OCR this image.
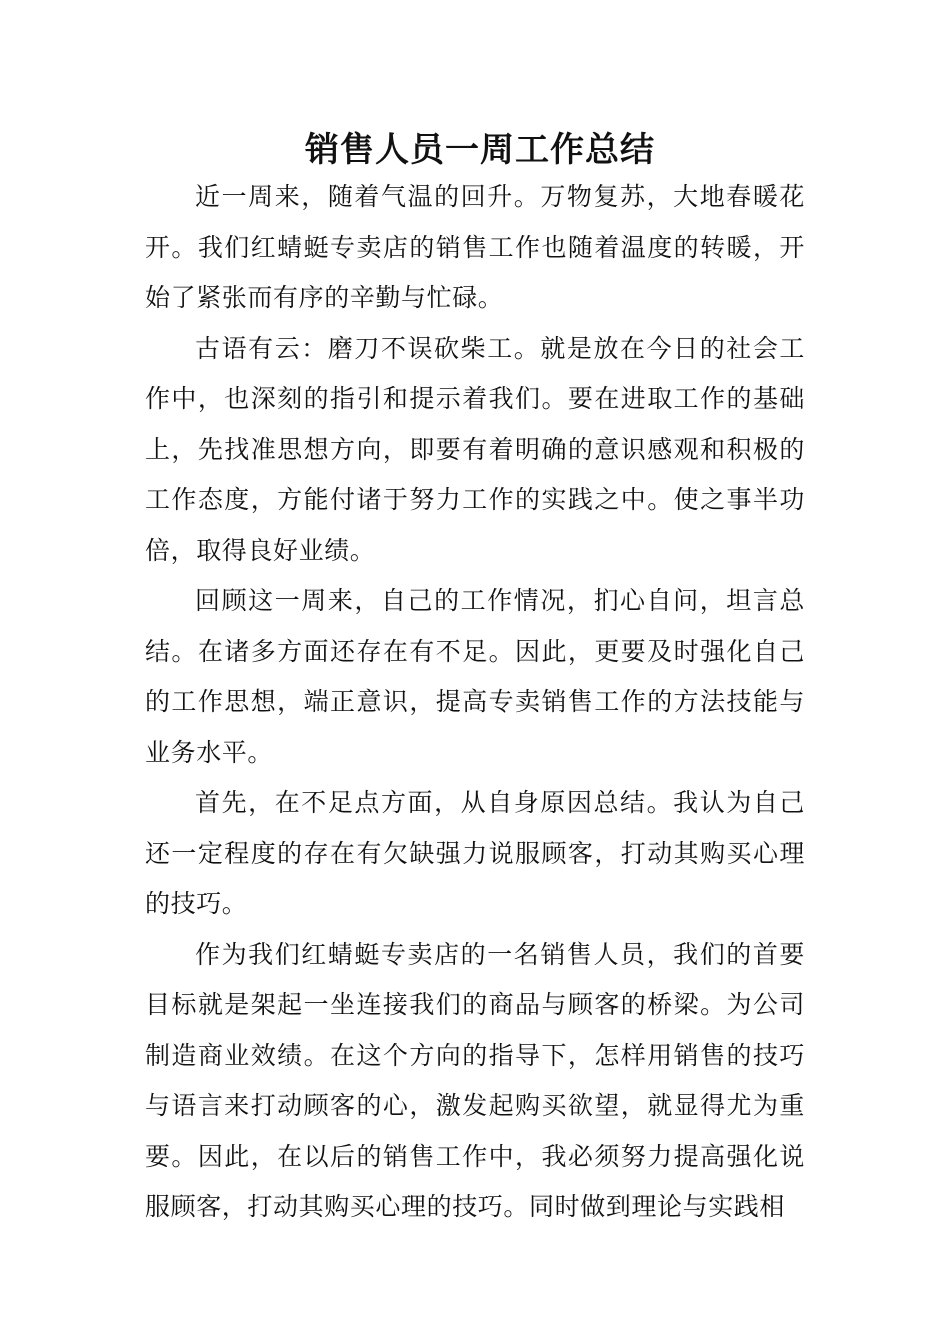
销售人员一周工作总结

近一周来，随着气温的回升。万物复苏，大地春暖花开。我们红蜻蜓专卖店的销售工作也随着温度的转暖，开始了紧张而有序的辛勤与忙碌。

古语有云：磨刀不误砍柴工。就是放在今日的社会工作中，也深刻的指引和提示着我们。要在进取工作的基础上，先找准思想方向，即要有着明确的意识感观和积极的工作态度，方能付诸于努力工作的实践之中。使之事半功倍，取得良好业绩。

回顾这一周来，自己的工作情况，扪心自问，坦言总结。在诸多方面还存在有不足。因此，更要及时强化自己的工作思想，端正意识，提高专卖销售工作的方法技能与业务水平。

首先，在不足点方面，从自身原因总结。我认为自己还一定程度的存在有欠缺强力说服顾客，打动其购买心理的技巧。

作为我们红蜻蜓专卖店的一名销售人员，我们的首要目标就是架起一坐连接我们的商品与顾客的桥梁。为公司制造商业效绩。在这个方向的指导下，怎样用销售的技巧与语言来打动顾客的心，激发起购买欲望，就显得尤为重要。因此，在以后的销售工作中，我必须努力提高强化说服顾客，打动其购买心理的技巧。同时做到理论与实践相
